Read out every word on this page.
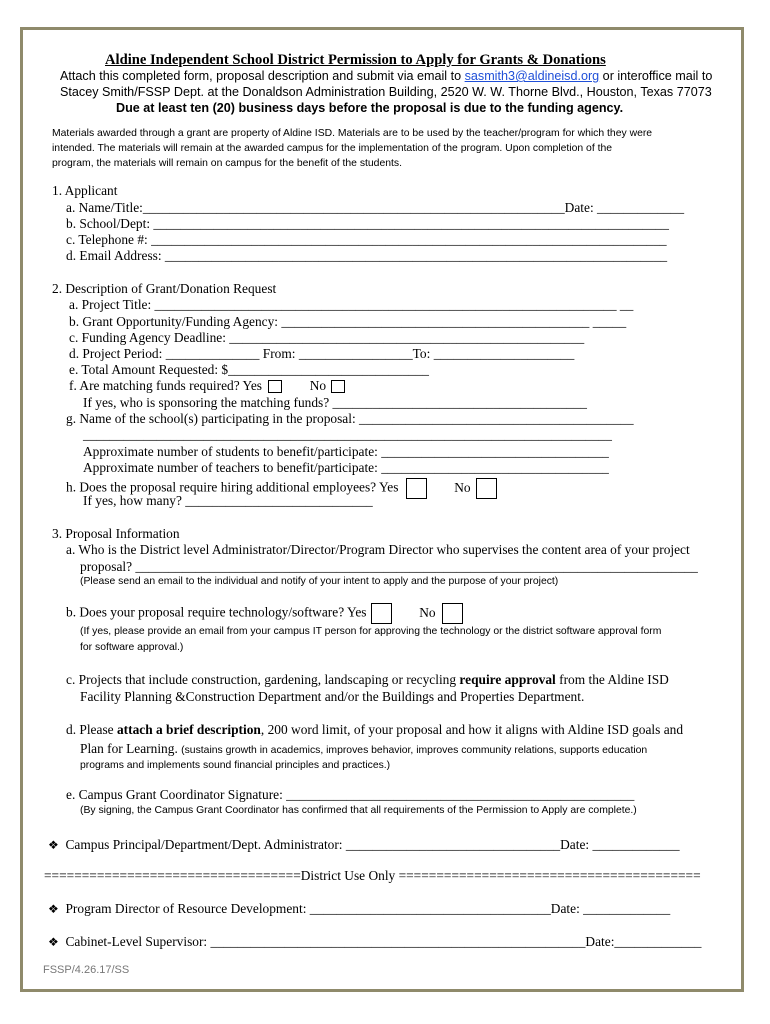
Aldine Independent School District Permission to Apply for Grants & Donations
Attach this completed form, proposal description and submit via email to sasmith3@aldineisd.org or interoffice mail to
Stacey Smith/FSSP Dept. at the Donaldson Administration Building, 2520 W. W. Thorne Blvd., Houston, Texas 77073
Due at least ten (20) business days before the proposal is due to the funding agency.
Materials awarded through a grant are property of Aldine ISD. Materials are to be used by the teacher/program for which they were
intended. The materials will remain at the awarded campus for the implementation of the program. Upon completion of the
program, the materials will remain on campus for the benefit of the students.
1. Applicant
a. Name/Title:_______________________________________________________________Date: _____________
b. School/Dept: _____________________________________________________________________________
c. Telephone #: _____________________________________________________________________________
d. Email Address: ___________________________________________________________________________
2. Description of Grant/Donation Request
a. Project Title: _____________________________________________________________________ __
b. Grant Opportunity/Funding Agency: ______________________________________________ _____
c. Funding Agency Deadline: _____________________________________________________
d. Project Period: ______________ From: _________________To: _____________________
e. Total Amount Requested: $______________________________
f. Are matching funds required? Yes	No
If yes, who is sponsoring the matching funds? ______________________________________
g. Name of the school(s) participating in the proposal: _________________________________________
_______________________________________________________________________________
Approximate number of students to benefit/participate: __________________________________
Approximate number of teachers to benefit/participate: __________________________________
h. Does the proposal require hiring additional employees? Yes	No
If yes, how many? ____________________________
3. Proposal Information
a. Who is the District level Administrator/Director/Program Director who supervises the content area of your project
proposal? ____________________________________________________________________________________
(Please send an email to the individual and notify of your intent to apply and the purpose of your project)
b. Does your proposal require technology/software? Yes	No
(If yes, please provide an email from your campus IT person for approving the technology or the district software approval form
for software approval.)
c. Projects that include construction, gardening, landscaping or recycling require approval from the Aldine ISD
Facility Planning &Construction Department and/or the Buildings and Properties Department.
d. Please attach a brief description, 200 word limit, of your proposal and how it aligns with Aldine ISD goals and
Plan for Learning. (sustains growth in academics, improves behavior, improves community relations, supports education
programs and implements sound financial principles and practices.)
e. Campus Grant Coordinator Signature: ____________________________________________________
(By signing, the Campus Grant Coordinator has confirmed that all requirements of the Permission to Apply are complete.)
❖ Campus Principal/Department/Dept. Administrator: ________________________________Date: _____________
==================================District Use Only ========================================
❖ Program Director of Resource Development: ____________________________________Date: _____________
❖ Cabinet-Level Supervisor: ________________________________________________________Date:_____________
FSSP/4.26.17/SS
